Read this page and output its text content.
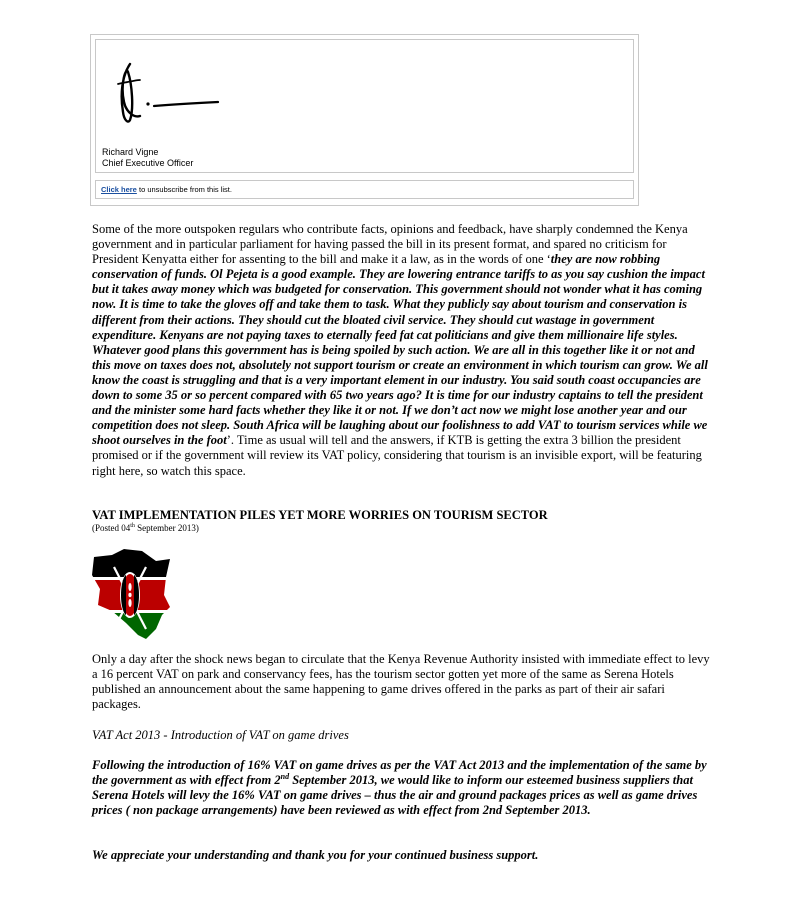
Richard Vigne
Chief Executive Officer
Click here to unsubscribe from this list.
Some of the more outspoken regulars who contribute facts, opinions and feedback, have sharply condemned the Kenya government and in particular parliament for having passed the bill in its present format, and spared no criticism for President Kenyatta either for assenting to the bill and make it a law, as in the words of one ‘they are now robbing conservation of funds. Ol Pejeta is a good example. They are lowering entrance tariffs to as you say cushion the impact but it takes away money which was budgeted for conservation. This government should not wonder what it has coming now. It is time to take the gloves off and take them to task. What they publicly say about tourism and conservation is different from their actions. They should cut the bloated civil service. They should cut wastage in government expenditure. Kenyans are not paying taxes to eternally feed fat cat politicians and give them millionaire life styles. Whatever good plans this government has is being spoiled by such action. We are all in this together like it or not and this move on taxes does not, absolutely not support tourism or create an environment in which tourism can grow. We all know the coast is struggling and that is a very important element in our industry. You said south coast occupancies are down to some 35 or so percent compared with 65 two years ago? It is time for our industry captains to tell the president and the minister some hard facts whether they like it or not. If we don’t act now we might lose another year and our competition does not sleep. South Africa will be laughing about our foolishness to add VAT to tourism services while we shoot ourselves in the foot’. Time as usual will tell and the answers, if KTB is getting the extra 3 billion the president promised or if the government will review its VAT policy, considering that tourism is an invisible export, will be featuring right here, so watch this space.
VAT IMPLEMENTATION PILES YET MORE WORRIES ON TOURISM SECTOR
(Posted 04th September 2013)
Only a day after the shock news began to circulate that the Kenya Revenue Authority insisted with immediate effect to levy a 16 percent VAT on park and conservancy fees, has the tourism sector gotten yet more of the same as Serena Hotels published an announcement about the same happening to game drives offered in the parks as part of their air safari packages.
VAT Act 2013 - Introduction of VAT on game drives
Following the introduction of 16% VAT on game drives as per the VAT Act 2013 and the implementation of the same by the government as with effect from 2nd September 2013, we would like to inform our esteemed business suppliers that Serena Hotels will levy the 16% VAT on game drives – thus the air and ground packages prices as well as game drives prices ( non package arrangements) have been reviewed as with effect from 2nd September 2013.
We appreciate your understanding and thank you for your continued business support.
